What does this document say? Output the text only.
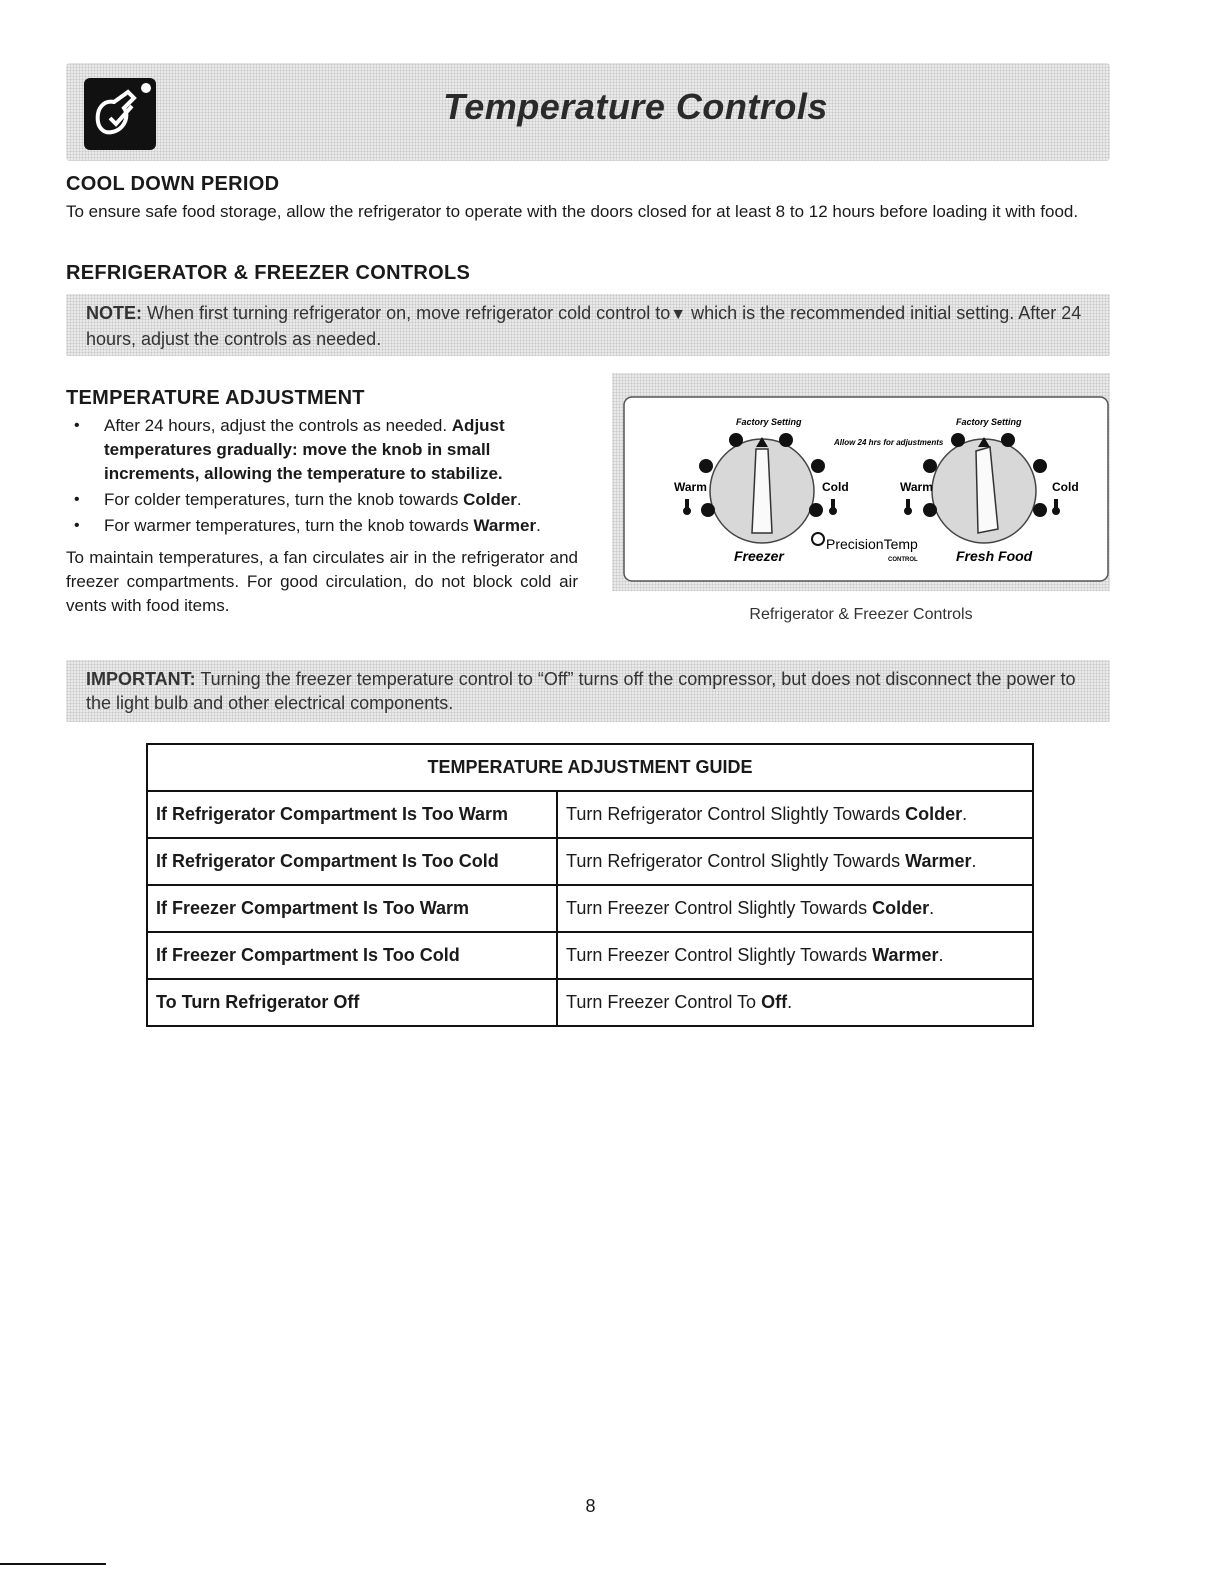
Temperature Controls
COOL DOWN PERIOD

To ensure safe food storage, allow the refrigerator to operate with the doors closed for at least 8 to 12 hours before loading it with food.

REFRIGERATOR & FREEZER CONTROLS

NOTE: When first turning refrigerator on, move refrigerator cold control to▼ which is the recommended initial setting. After 24 hours, adjust the controls as needed.

TEMPERATURE ADJUSTMENT
• After 24 hours, adjust the controls as needed. Adjust temperatures gradually: move the knob in small increments, allowing the temperature to stabilize.
• For colder temperatures, turn the knob towards Colder.
• For warmer temperatures, turn the knob towards Warmer.

To maintain temperatures, a fan circulates air in the refrigerator and freezer compartments. For good circulation, do not block cold air vents with food items.

Factory Setting	Factory Setting
Allow 24 hrs for adjustments
Warm	Cold	Warm	Cold
Freezer	Fresh Food
PrecisionTemp
CONTROL
Refrigerator & Freezer Controls

IMPORTANT: Turning the freezer temperature control to “Off” turns off the compressor, but does not disconnect the power to the light bulb and other electrical components.

TEMPERATURE ADJUSTMENT GUIDE	
If Refrigerator Compartment Is Too Warm	Turn Refrigerator Control Slightly Towards Colder.
If Refrigerator Compartment Is Too Cold	Turn Refrigerator Control Slightly Towards Warmer.
If Freezer Compartment Is Too Warm	Turn Freezer Control Slightly Towards Colder.
If Freezer Compartment Is Too Cold	Turn Freezer Control Slightly Towards Warmer.
To Turn Refrigerator Off	Turn Freezer Control To Off.
8
